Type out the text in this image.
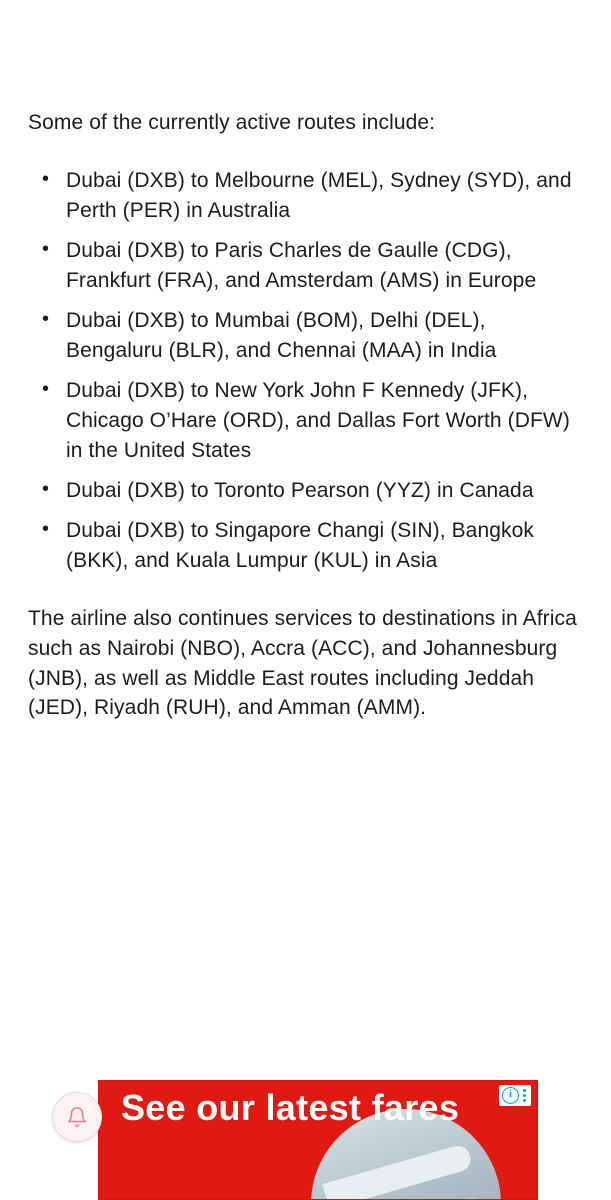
Some of the currently active routes include:

• Dubai (DXB) to Melbourne (MEL), Sydney (SYD), and Perth (PER) in Australia
• Dubai (DXB) to Paris Charles de Gaulle (CDG), Frankfurt (FRA), and Amsterdam (AMS) in Europe
• Dubai (DXB) to Mumbai (BOM), Delhi (DEL), Bengaluru (BLR), and Chennai (MAA) in India
• Dubai (DXB) to New York John F Kennedy (JFK), Chicago O’Hare (ORD), and Dallas Fort Worth (DFW) in the United States
• Dubai (DXB) to Toronto Pearson (YYZ) in Canada
• Dubai (DXB) to Singapore Changi (SIN), Bangkok (BKK), and Kuala Lumpur (KUL) in Asia

The airline also continues services to destinations in Africa such as Nairobi (NBO), Accra (ACC), and Johannesburg (JNB), as well as Middle East routes including Jeddah (JED), Riyadh (RUH), and Amman (AMM).

See our latest fares	i
